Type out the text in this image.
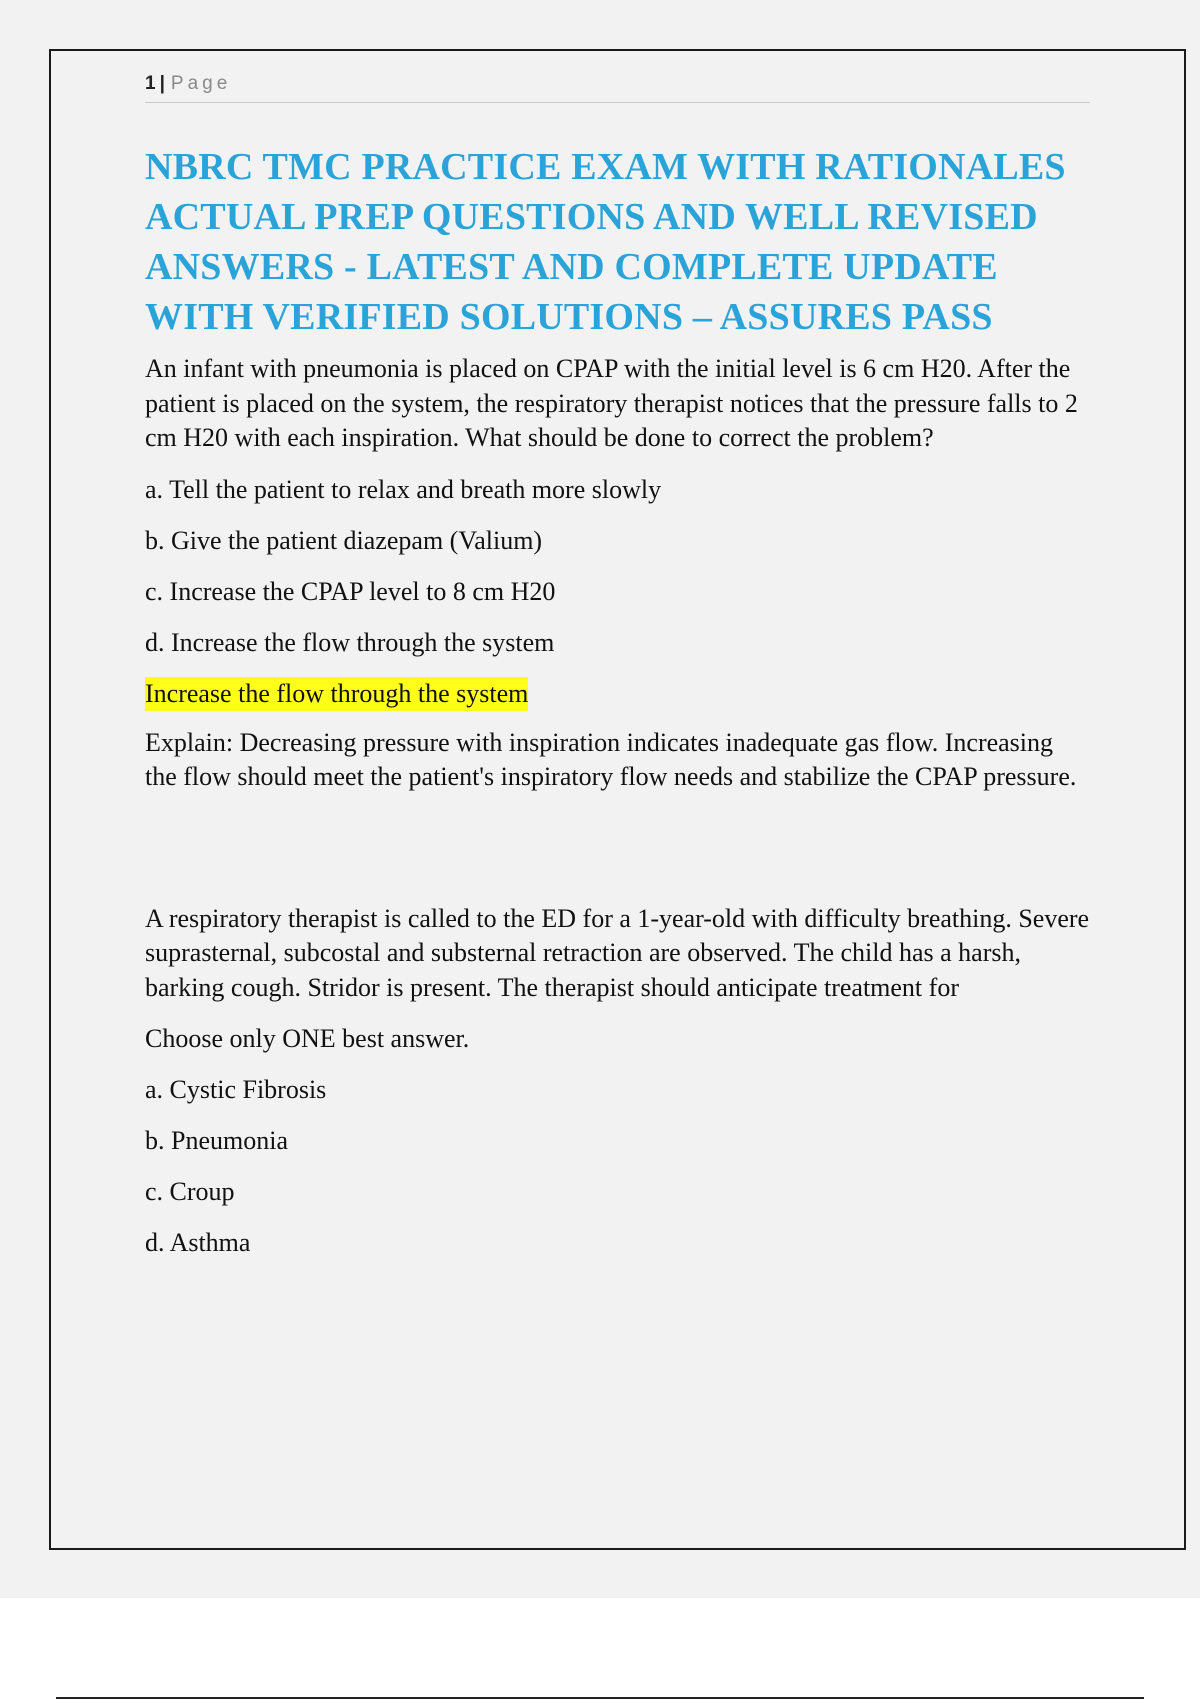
1 | Page
NBRC TMC PRACTICE EXAM WITH RATIONALES ACTUAL PREP QUESTIONS AND WELL REVISED ANSWERS - LATEST AND COMPLETE UPDATE WITH VERIFIED SOLUTIONS – ASSURES PASS

An infant with pneumonia is placed on CPAP with the initial level is 6 cm H20. After the patient is placed on the system, the respiratory therapist notices that the pressure falls to 2 cm H20 with each inspiration. What should be done to correct the problem?

a. Tell the patient to relax and breath more slowly

b. Give the patient diazepam (Valium)

c. Increase the CPAP level to 8 cm H20

d. Increase the flow through the system

Increase the flow through the system

Explain: Decreasing pressure with inspiration indicates inadequate gas flow. Increasing the flow should meet the patient's inspiratory flow needs and stabilize the CPAP pressure.

A respiratory therapist is called to the ED for a 1-year-old with difficulty breathing. Severe suprasternal, subcostal and substernal retraction are observed. The child has a harsh, barking cough. Stridor is present. The therapist should anticipate treatment for

Choose only ONE best answer.

a. Cystic Fibrosis

b. Pneumonia

c. Croup

d. Asthma
